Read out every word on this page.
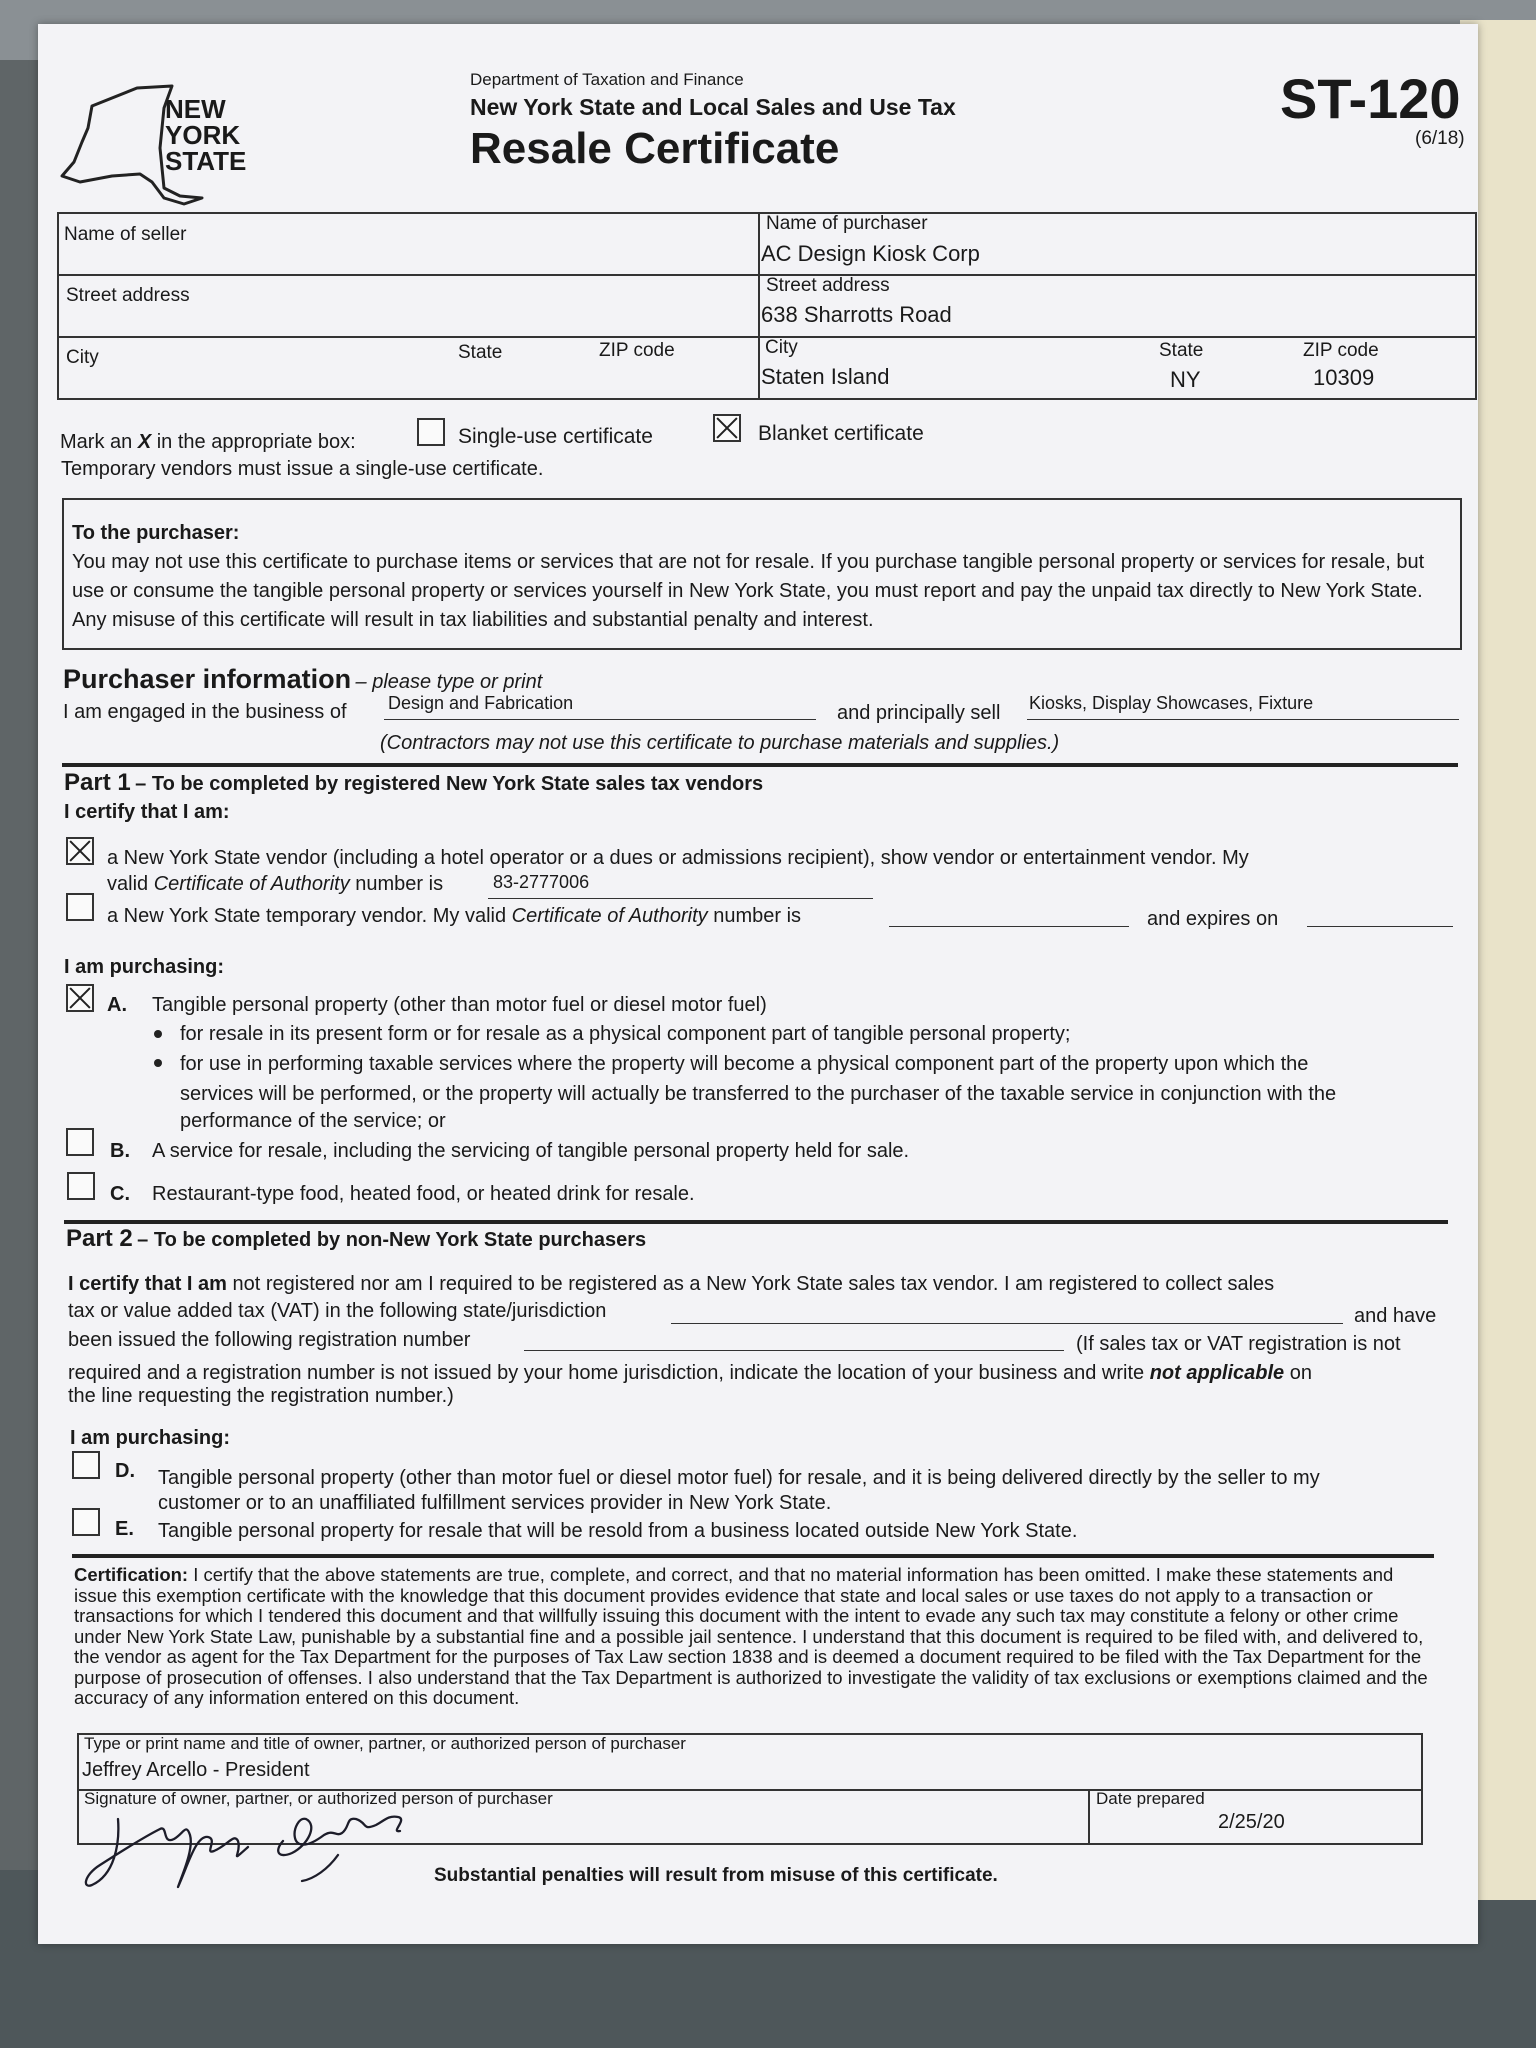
NEW
YORK
STATE
Department of Taxation and Finance
New York State and Local Sales and Use Tax
Resale Certificate
ST-120
(6/18)
Name of seller
Street address
City	State	ZIP code
Name of purchaser
AC Design Kiosk Corp
Street address
638 Sharrotts Road
City
Staten Island
State
NY
ZIP code
10309
Mark an X in the appropriate box:	Single-use certificate	Blanket certificate
Temporary vendors must issue a single-use certificate.
To the purchaser:
You may not use this certificate to purchase items or services that are not for resale. If you purchase tangible personal property or services for resale, but use or consume the tangible personal property or services yourself in New York State, you must report and pay the unpaid tax directly to New York State. Any misuse of this certificate will result in tax liabilities and substantial penalty and interest.
Purchaser information – please type or print
I am engaged in the business of Design and Fabrication	and principally sell Kiosks, Display Showcases, Fixture
(Contractors may not use this certificate to purchase materials and supplies.)
Part 1 – To be completed by registered New York State sales tax vendors
I certify that I am:
a New York State vendor (including a hotel operator or a dues or admissions recipient), show vendor or entertainment vendor. My
valid Certificate of Authority number is	83-2777006
a New York State temporary vendor. My valid Certificate of Authority number is	and expires on
I am purchasing:
A. Tangible personal property (other than motor fuel or diesel motor fuel)
for resale in its present form or for resale as a physical component part of tangible personal property;
for use in performing taxable services where the property will become a physical component part of the property upon which the
services will be performed, or the property will actually be transferred to the purchaser of the taxable service in conjunction with the
performance of the service; or
B. A service for resale, including the servicing of tangible personal property held for sale.
C. Restaurant-type food, heated food, or heated drink for resale.
Part 2 – To be completed by non-New York State purchasers
I certify that I am not registered nor am I required to be registered as a New York State sales tax vendor. I am registered to collect sales
tax or value added tax (VAT) in the following state/jurisdiction	and have
been issued the following registration number	(If sales tax or VAT registration is not
required and a registration number is not issued by your home jurisdiction, indicate the location of your business and write not applicable on
the line requesting the registration number.)
I am purchasing:
D. Tangible personal property (other than motor fuel or diesel motor fuel) for resale, and it is being delivered directly by the seller to my
customer or to an unaffiliated fulfillment services provider in New York State.
E. Tangible personal property for resale that will be resold from a business located outside New York State.
Certification: I certify that the above statements are true, complete, and correct, and that no material information has been omitted. I make these statements and issue this exemption certificate with the knowledge that this document provides evidence that state and local sales or use taxes do not apply to a transaction or transactions for which I tendered this document and that willfully issuing this document with the intent to evade any such tax may constitute a felony or other crime under New York State Law, punishable by a substantial fine and a possible jail sentence. I understand that this document is required to be filed with, and delivered to, the vendor as agent for the Tax Department for the purposes of Tax Law section 1838 and is deemed a document required to be filed with the Tax Department for the purpose of prosecution of offenses. I also understand that the Tax Department is authorized to investigate the validity of tax exclusions or exemptions claimed and the accuracy of any information entered on this document.
Type or print name and title of owner, partner, or authorized person of purchaser
Jeffrey Arcello - President
Signature of owner, partner, or authorized person of purchaser	Date prepared
2/25/20
Substantial penalties will result from misuse of this certificate.
